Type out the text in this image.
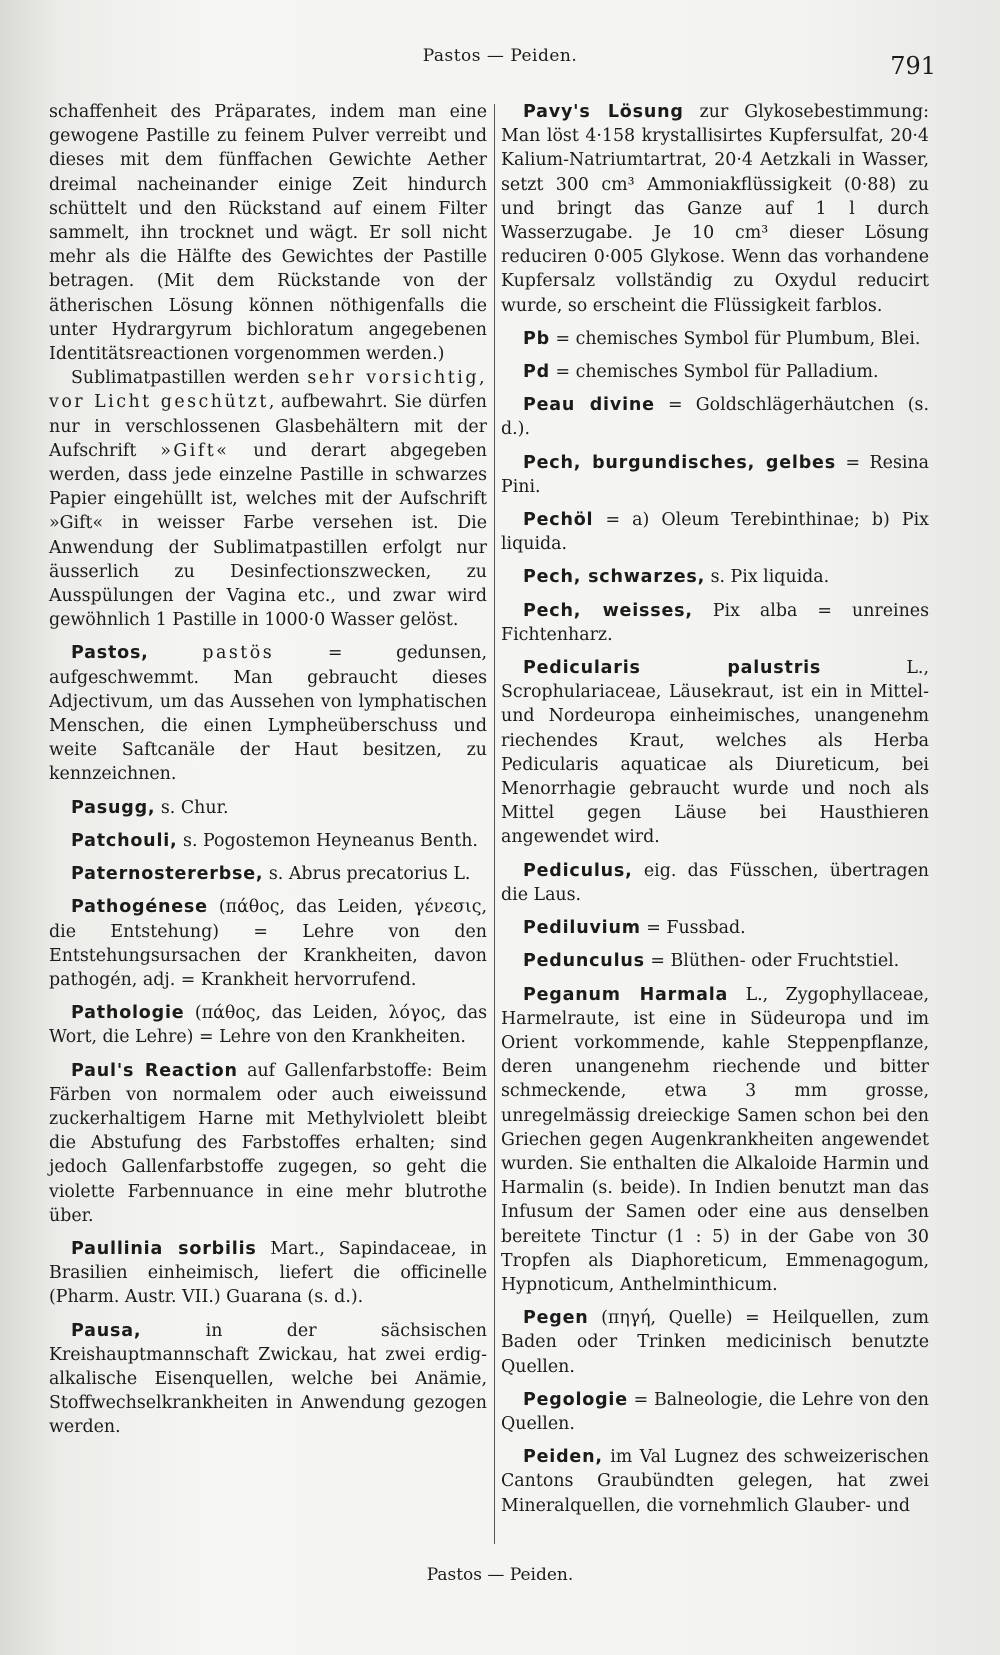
Pastos — Peiden.	791

schaffenheit des Präparates, indem man eine gewogene Pastille zu feinem Pulver verreibt und dieses mit dem fünffachen Gewichte Aether dreimal nacheinander einige Zeit hindurch schüttelt und den Rückstand auf einem Filter sammelt, ihn trocknet und wägt. Er soll nicht mehr als die Hälfte des Gewichtes der Pastille betragen. (Mit dem Rückstande von der ätherischen Lösung können nöthigenfalls die unter Hydrargyrum bichloratum angegebenen Identitätsreactionen vorgenommen werden.)

Sublimatpastillen werden sehr vorsichtig, vor Licht geschützt, aufbewahrt. Sie dürfen nur in verschlossenen Glasbehältern mit der Aufschrift »Gift« und derart abgegeben werden, dass jede einzelne Pastille in schwarzes Papier eingehüllt ist, welches mit der Aufschrift »Gift« in weisser Farbe versehen ist. Die Anwendung der Sublimatpastillen erfolgt nur äusserlich zu Desinfectionszwecken, zu Ausspülungen der Vagina etc., und zwar wird gewöhnlich 1 Pastille in 1000·0 Wasser gelöst.

Pastos,	pastös = gedunsen, aufgeschwemmt. Man gebraucht dieses Adjectivum, um das Aussehen von lymphatischen Menschen, die einen Lympheüberschuss und weite Saftcanäle der Haut besitzen, zu kennzeichnen.

Pasugg, s. Chur.

Patchouli, s. Pogostemon Heyneanus Benth.

Paternostererbse, s. Abrus precatorius L.

Pathogénese (πάθος, das Leiden, γένεσις, die Entstehung) = Lehre von den Entstehungsursachen der Krankheiten, davon pathogén, adj. = Krankheit hervorrufend.

Pathologie (πάθος, das Leiden, λόγος, das Wort, die Lehre) = Lehre von den Krankheiten.

Paul's Reaction auf Gallenfarbstoffe: Beim Färben von normalem oder auch eiweissund zuckerhaltigem Harne mit Methylviolett bleibt die Abstufung des Farbstoffes erhalten; sind jedoch Gallenfarbstoffe zugegen, so geht die violette Farbennuance in eine mehr blutrothe über.

Paullinia sorbilis Mart., Sapindaceae, in Brasilien einheimisch, liefert die officinelle (Pharm. Austr. VII.) Guarana (s. d.).

Pausa, in der sächsischen Kreishauptmannschaft Zwickau, hat zwei erdig-alkalische Eisenquellen, welche bei Anämie, Stoffwechselkrankheiten in Anwendung gezogen werden.

Pavy's Lösung zur Glykosebestimmung: Man löst 4·158 krystallisirtes Kupfersulfat, 20·4 Kalium-Natriumtartrat, 20·4 Aetzkali in Wasser, setzt 300 cm³ Ammoniakflüssigkeit (0·88) zu und bringt das Ganze auf 1 l durch Wasserzugabe. Je 10 cm³ dieser Lösung reduciren 0·005 Glykose. Wenn das vorhandene Kupfersalz vollständig zu Oxydul reducirt wurde, so erscheint die Flüssigkeit farblos.

Pb = chemisches Symbol für Plumbum, Blei.

Pd = chemisches Symbol für Palladium.

Peau divine = Goldschlägerhäutchen (s. d.).

Pech, burgundisches, gelbes = Resina Pini.

Pechöl = a) Oleum Terebinthinae; b) Pix liquida.

Pech, schwarzes, s. Pix liquida.

Pech, weisses, Pix alba = unreines Fichtenharz.

Pedicularis palustris L., Scrophulariaceae, Läusekraut, ist ein in Mittel- und Nordeuropa einheimisches, unangenehm riechendes Kraut, welches als Herba Pedicularis aquaticae als Diureticum, bei Menorrhagie gebraucht wurde und noch als Mittel gegen Läuse bei Hausthieren angewendet wird.

Pediculus, eig. das Füsschen, übertragen die Laus.

Pediluvium = Fussbad.

Pedunculus = Blüthen- oder Fruchtstiel.

Peganum Harmala L., Zygophyllaceae, Harmelraute, ist eine in Südeuropa und im Orient vorkommende, kahle Steppenpflanze, deren unangenehm riechende und bitter schmeckende, etwa 3 mm grosse, unregelmässig dreieckige Samen schon bei den Griechen gegen Augenkrankheiten angewendet wurden. Sie enthalten die Alkaloide Harmin und Harmalin (s. beide). In Indien benutzt man das Infusum der Samen oder eine aus denselben bereitete Tinctur (1 : 5) in der Gabe von 30 Tropfen als Diaphoreticum, Emmenagogum, Hypnoticum, Anthelminthicum.

Pegen (πηγή, Quelle) = Heilquellen, zum Baden oder Trinken medicinisch benutzte Quellen.

Pegologie = Balneologie, die Lehre von den Quellen.

Peiden, im Val Lugnez des schweizerischen Cantons Graubündten gelegen, hat zwei Mineralquellen, die vornehmlich Glauber- und

Pastos — Peiden.
